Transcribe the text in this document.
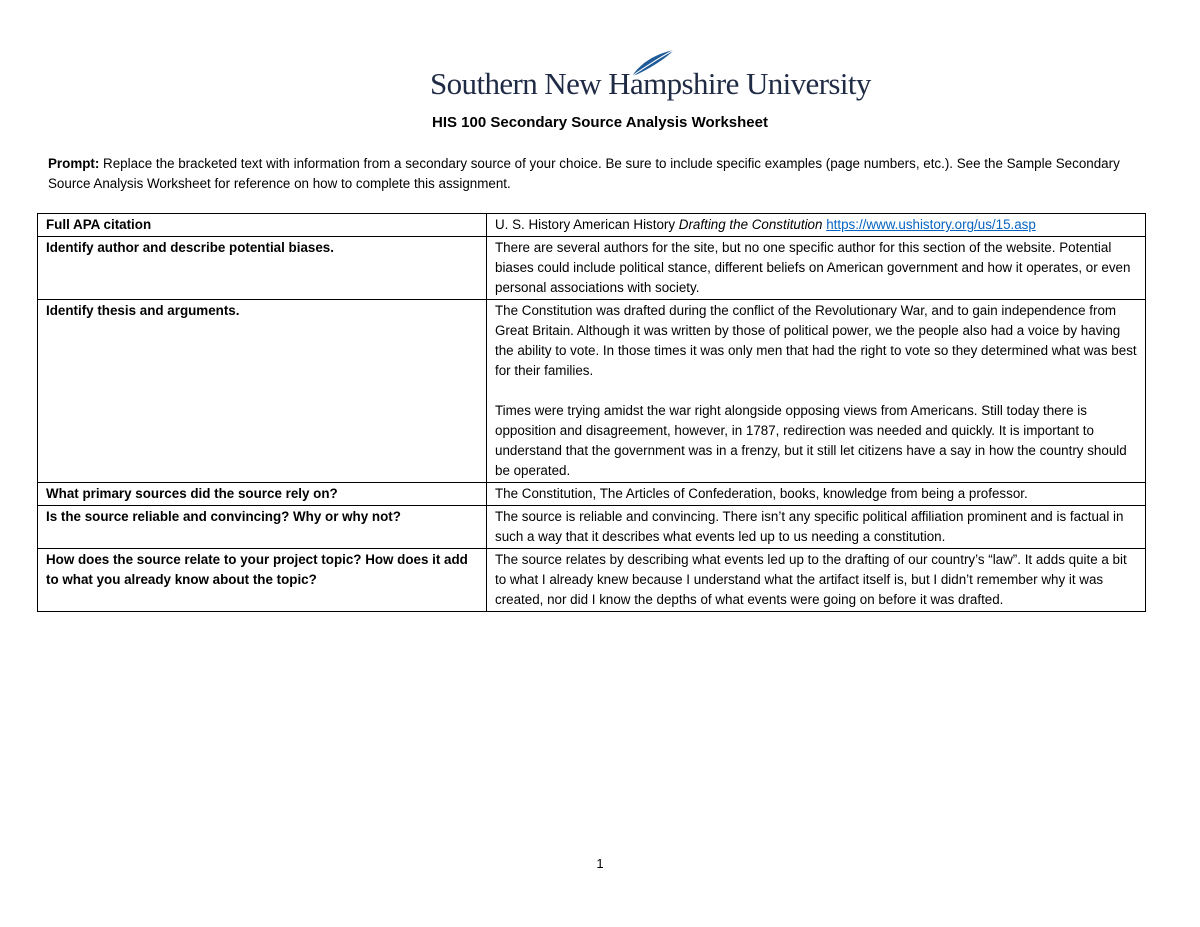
Southern New Hampshire University
HIS 100 Secondary Source Analysis Worksheet
Prompt: Replace the bracketed text with information from a secondary source of your choice. Be sure to include specific examples (page numbers, etc.). See the Sample Secondary Source Analysis Worksheet for reference on how to complete this assignment.
Full APA citation	U. S. History American History Drafting the Constitution https://www.ushistory.org/us/15.asp
Identify author and describe potential biases.	There are several authors for the site, but no one specific author for this section of the website. Potential biases could include political stance, different beliefs on American government and how it operates, or even personal associations with society.
Identify thesis and arguments.	The Constitution was drafted during the conflict of the Revolutionary War, and to gain independence from Great Britain. Although it was written by those of political power, we the people also had a voice by having the ability to vote. In those times it was only men that had the right to vote so they determined what was best for their families.
Times were trying amidst the war right alongside opposing views from Americans. Still today there is opposition and disagreement, however, in 1787, redirection was needed and quickly. It is important to understand that the government was in a frenzy, but it still let citizens have a say in how the country should be operated.

What primary sources did the source rely on?	The Constitution, The Articles of Confederation, books, knowledge from being a professor.
Is the source reliable and convincing? Why or why not?	The source is reliable and convincing. There isn’t any specific political affiliation prominent and is factual in such a way that it describes what events led up to us needing a constitution.
How does the source relate to your project topic? How does it add to what you already know about the topic?	The source relates by describing what events led up to the drafting of our country’s “law”. It adds quite a bit to what I already knew because I understand what the artifact itself is, but I didn’t remember why it was created, nor did I know the depths of what events were going on before it was drafted.
1
